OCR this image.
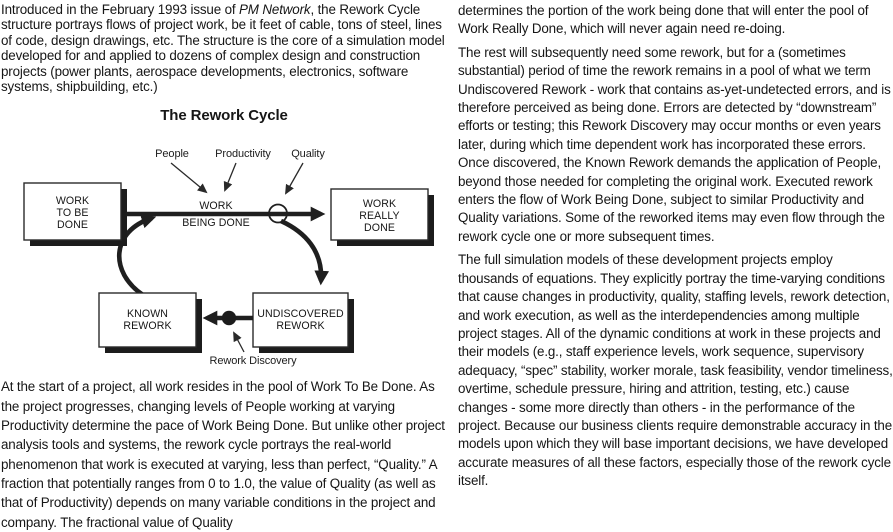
Introduced in the February 1993 issue of PM Network, the Rework Cycle structure portrays flows of project work, be it feet of cable, tons of steel, lines of code, design drawings, etc. The structure is the core of a simulation model developed for and applied to dozens of complex design and construction projects (power plants, aerospace developments, electronics, software systems, shipbuilding, etc.)

The Rework Cycle
People Productivity Quality
WORK
BEING DONE
WORK
TO BE
DONE
WORK
REALLY
DONE
KNOWN
REWORK
UNDISCOVERED
REWORK
Rework Discovery

At the start of a project, all work resides in the pool of Work To Be Done. As the project progresses, changing levels of People working at varying Productivity determine the pace of Work Being Done. But unlike other project analysis tools and systems, the rework cycle portrays the real-world phenomenon that work is executed at varying, less than perfect, “Quality.” A fraction that potentially ranges from 0 to 1.0, the value of Quality (as well as that of Productivity) depends on many variable conditions in the project and company. The fractional value of Quality

determines the portion of the work being done that will enter the pool of Work Really Done, which will never again need re-doing.

The rest will subsequently need some rework, but for a (sometimes substantial) period of time the rework remains in a pool of what we term Undiscovered Rework - work that contains as-yet-undetected errors, and is therefore perceived as being done. Errors are detected by “downstream” efforts or testing; this Rework Discovery may occur months or even years later, during which time dependent work has incorporated these errors. Once discovered, the Known Rework demands the application of People, beyond those needed for completing the original work. Executed rework enters the flow of Work Being Done, subject to similar Productivity and Quality variations. Some of the reworked items may even flow through the rework cycle one or more subsequent times.

The full simulation models of these development projects employ thousands of equations. They explicitly portray the time-varying conditions that cause changes in productivity, quality, staffing levels, rework detection, and work execution, as well as the interdependencies among multiple project stages. All of the dynamic conditions at work in these projects and their models (e.g., staff experience levels, work sequence, supervisory adequacy, “spec” stability, worker morale, task feasibility, vendor timeliness, overtime, schedule pressure, hiring and attrition, testing, etc.) cause changes - some more directly than others - in the performance of the project. Because our business clients require demonstrable accuracy in the models upon which they will base important decisions, we have developed accurate measures of all these factors, especially those of the rework cycle itself.
